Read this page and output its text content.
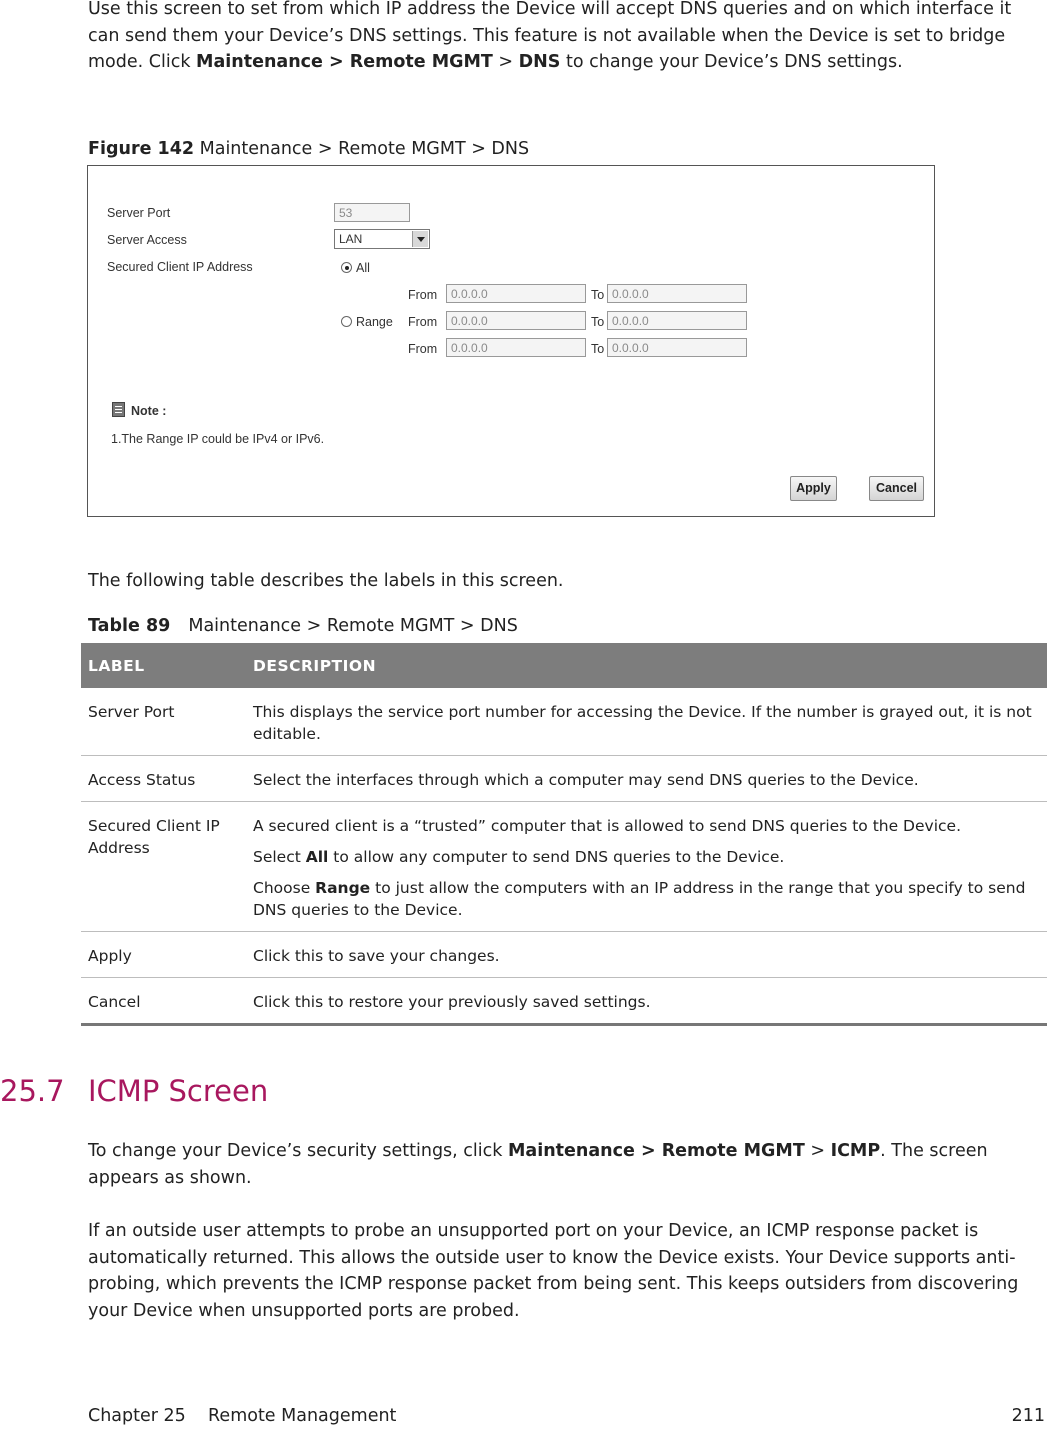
Use this screen to set from which IP address the Device will accept DNS queries and on which interface it can send them your Device’s DNS settings. This feature is not available when the Device is set to bridge mode. Click Maintenance > Remote MGMT > DNS to change your Device’s DNS settings.

Figure 142 Maintenance > Remote MGMT > DNS
Server Port	53
Server Access	LAN
Secured Client IP Address	All
Range
From	0.0.0.0	To 0.0.0.0
From	0.0.0.0	To 0.0.0.0
From	0.0.0.0	To 0.0.0.0
Note :
1.The Range IP could be IPv4 or IPv6.
Apply	Cancel
The following table describes the labels in this screen.
Table 89 Maintenance > Remote MGMT > DNS
LABEL	DESCRIPTION
Server Port	This displays the service port number for accessing the Device. If the number is grayed out, it is not editable.
Access Status	Select the interfaces through which a computer may send DNS queries to the Device.
Secured Client IP Address	A secured client is a “trusted” computer that is allowed to send DNS queries to the Device.

Select All to allow any computer to send DNS queries to the Device.

Choose Range to just allow the computers with an IP address in the range that you specify to send DNS queries to the Device.

Apply	Click this to save your changes.
Cancel	Click this to restore your previously saved settings.
25.7 ICMP Screen

To change your Device’s security settings, click Maintenance > Remote MGMT > ICMP. The screen appears as shown.

If an outside user attempts to probe an unsupported port on your Device, an ICMP response packet is automatically returned. This allows the outside user to know the Device exists. Your Device supports anti-probing, which prevents the ICMP response packet from being sent. This keeps outsiders from discovering your Device when unsupported ports are probed.

Chapter 25    Remote Management	211
